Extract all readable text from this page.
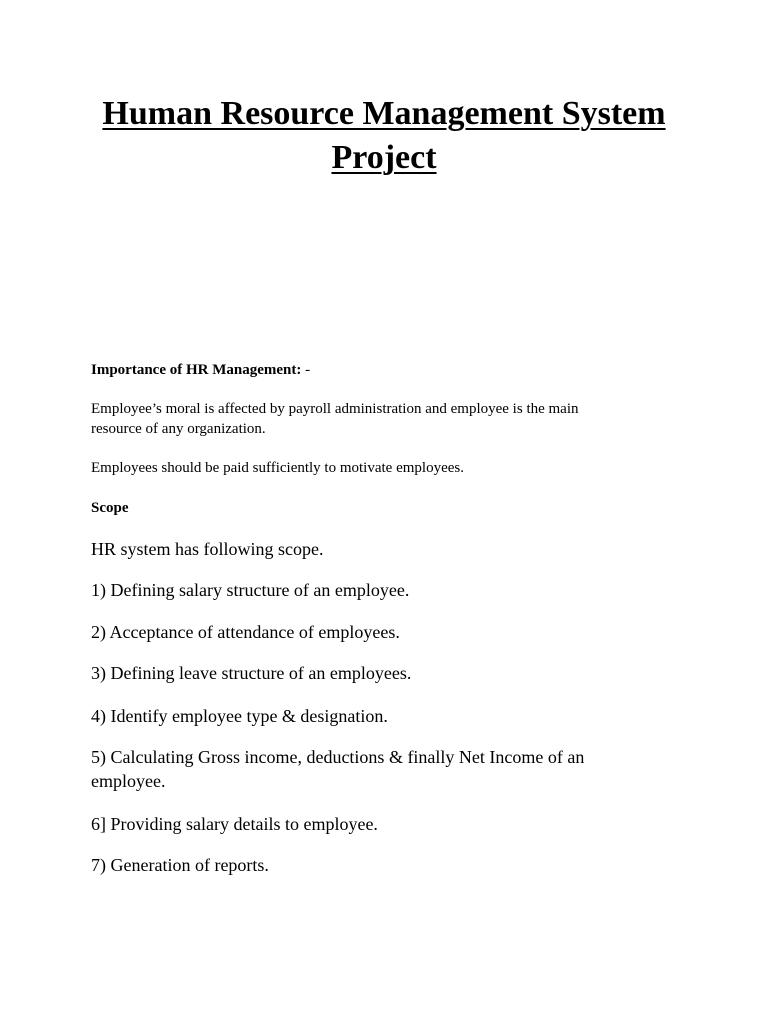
Human Resource Management System
Project

Importance of HR Management: -

Employee’s moral is affected by payroll administration and employee is the main

resource of any organization.

Employees should be paid sufficiently to motivate employees.

Scope

HR system has following scope.

1) Defining salary structure of an employee.

2) Acceptance of attendance of employees.

3) Defining leave structure of an employees.

4) Identify employee type & designation.

5) Calculating Gross income, deductions & finally Net Income of an

employee.

6] Providing salary details to employee.

7) Generation of reports.
